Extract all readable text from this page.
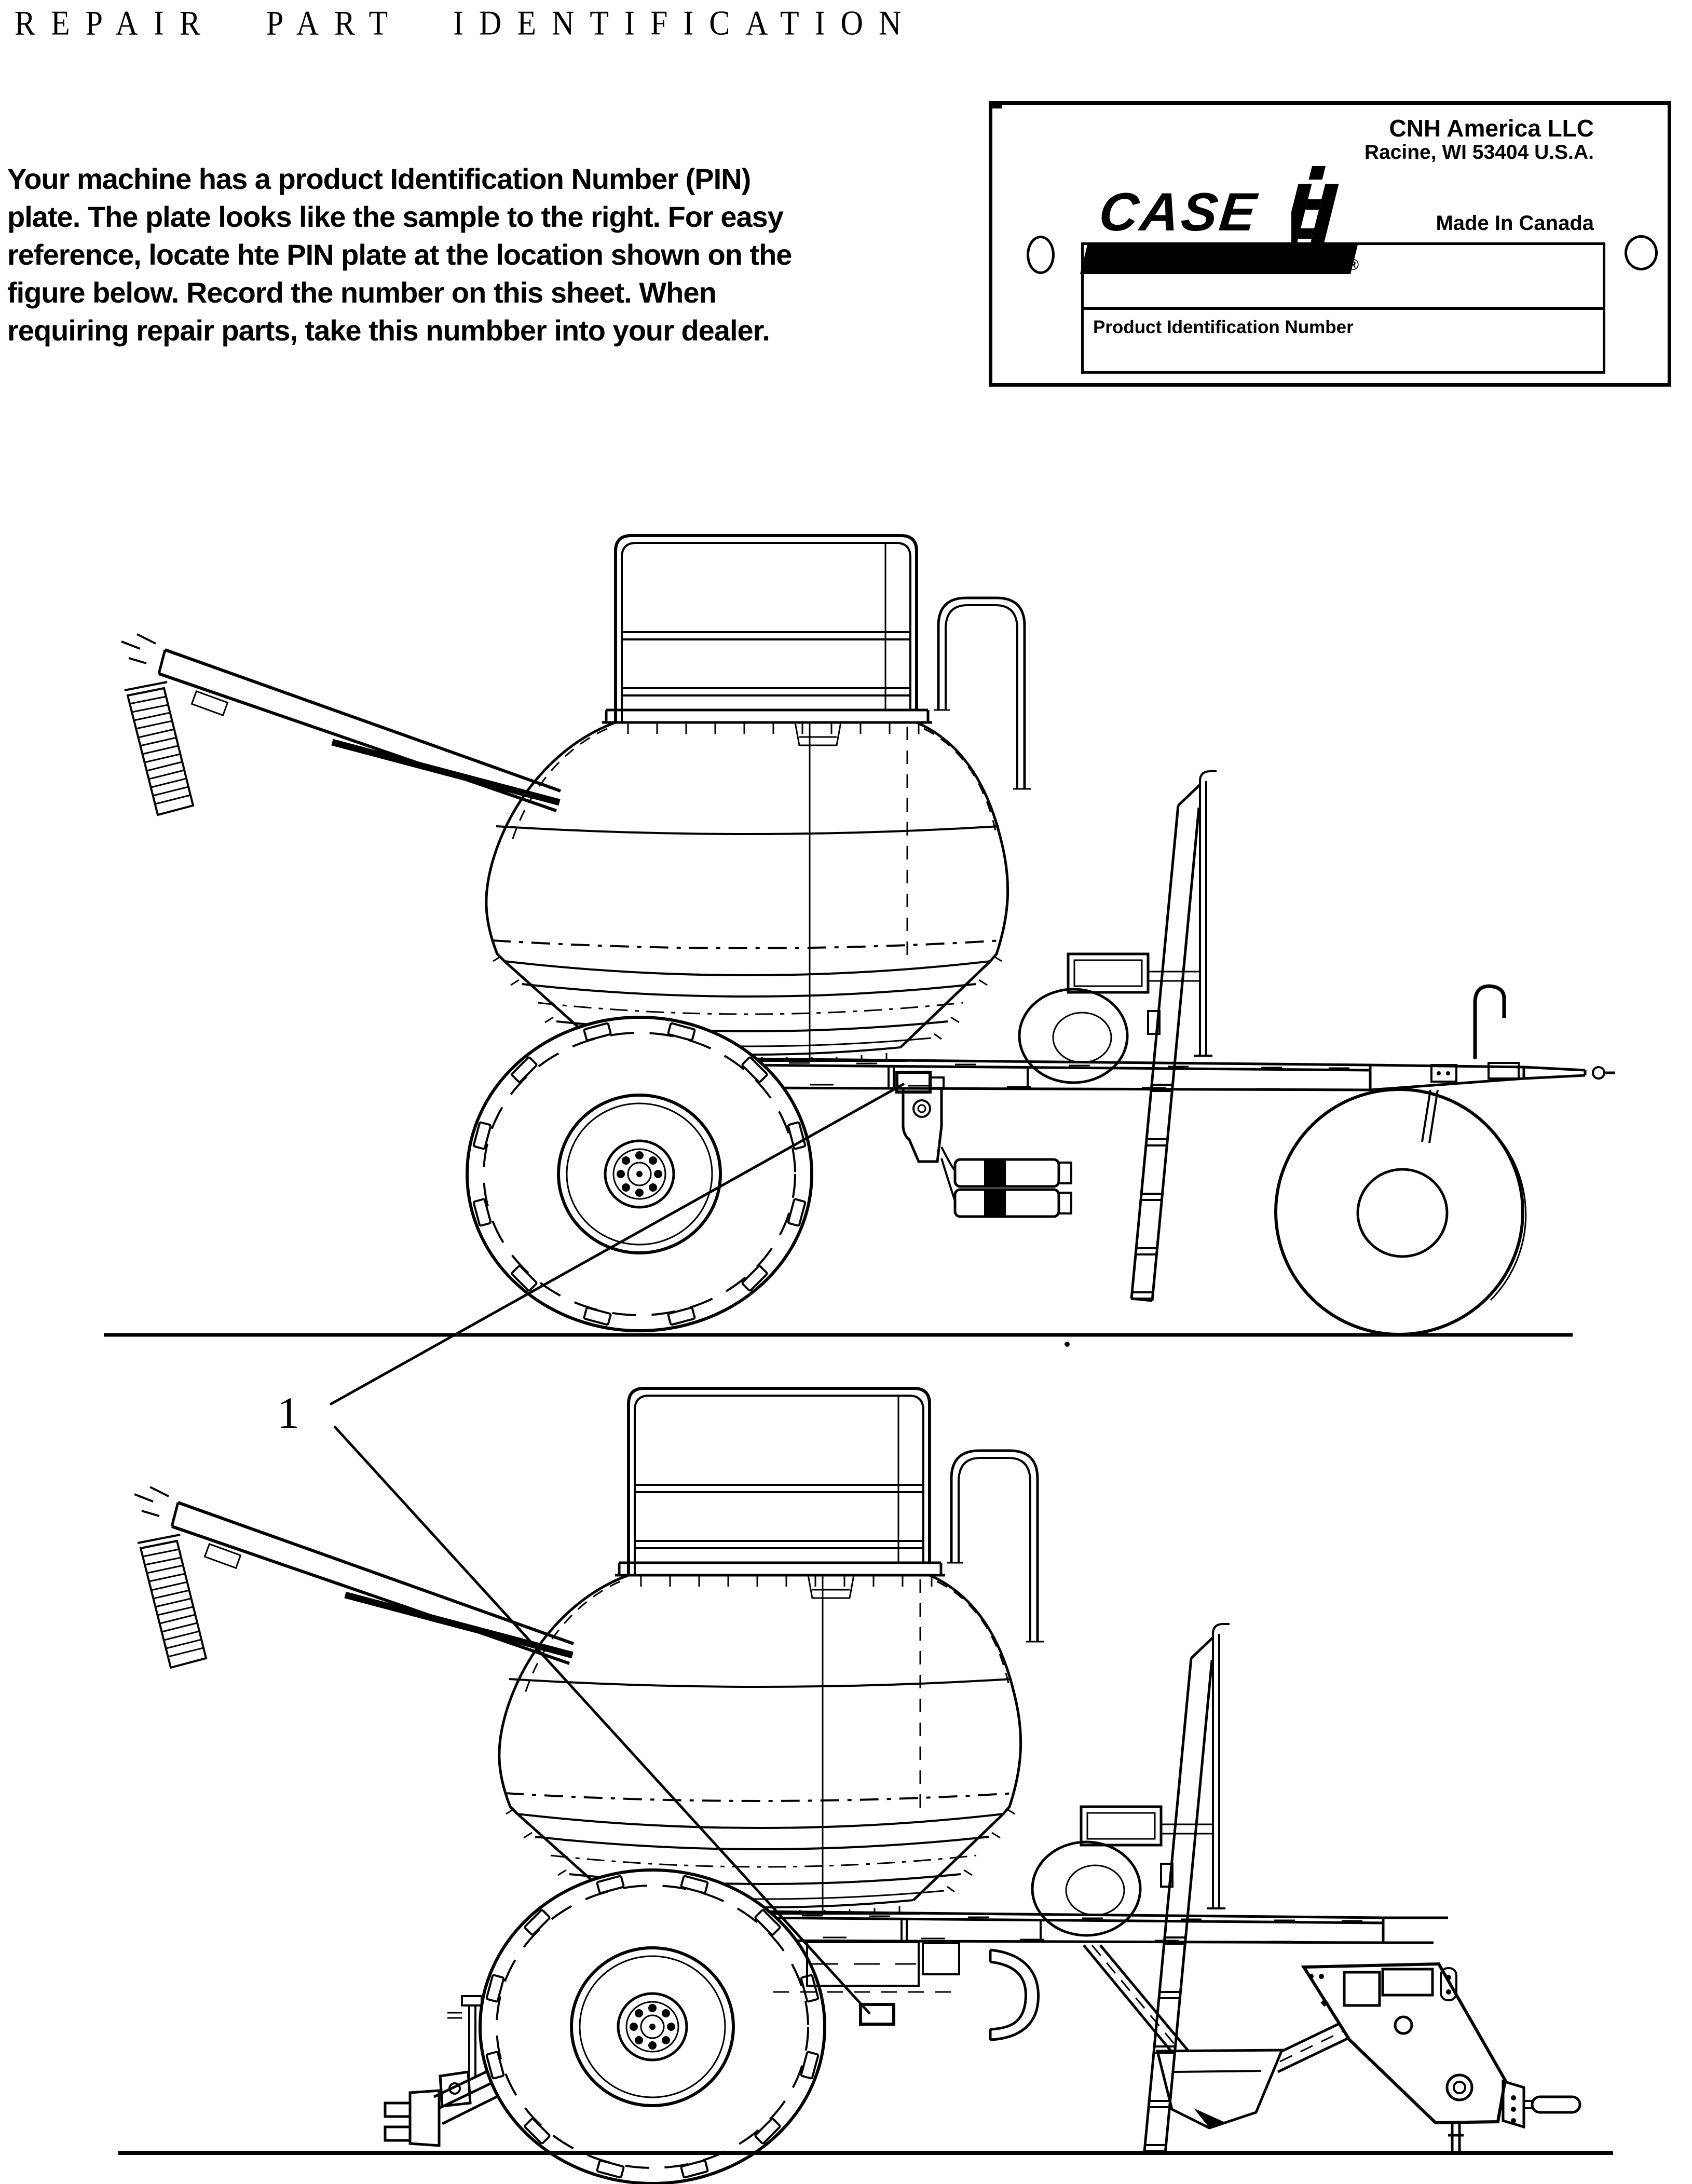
REPAIR PART IDENTIFICATION
Your machine has a product Identification Number (PIN)
plate. The plate looks like the sample to the right. For easy
reference, locate hte PIN plate at the location shown on the
figure below. Record the number on this sheet. When
requiring repair parts, take this numbber into your dealer.
CASE
®
CNH America LLC
Racine, WI 53404 U.S.A.
Made In Canada
Model Number
Product Identification Number
1
